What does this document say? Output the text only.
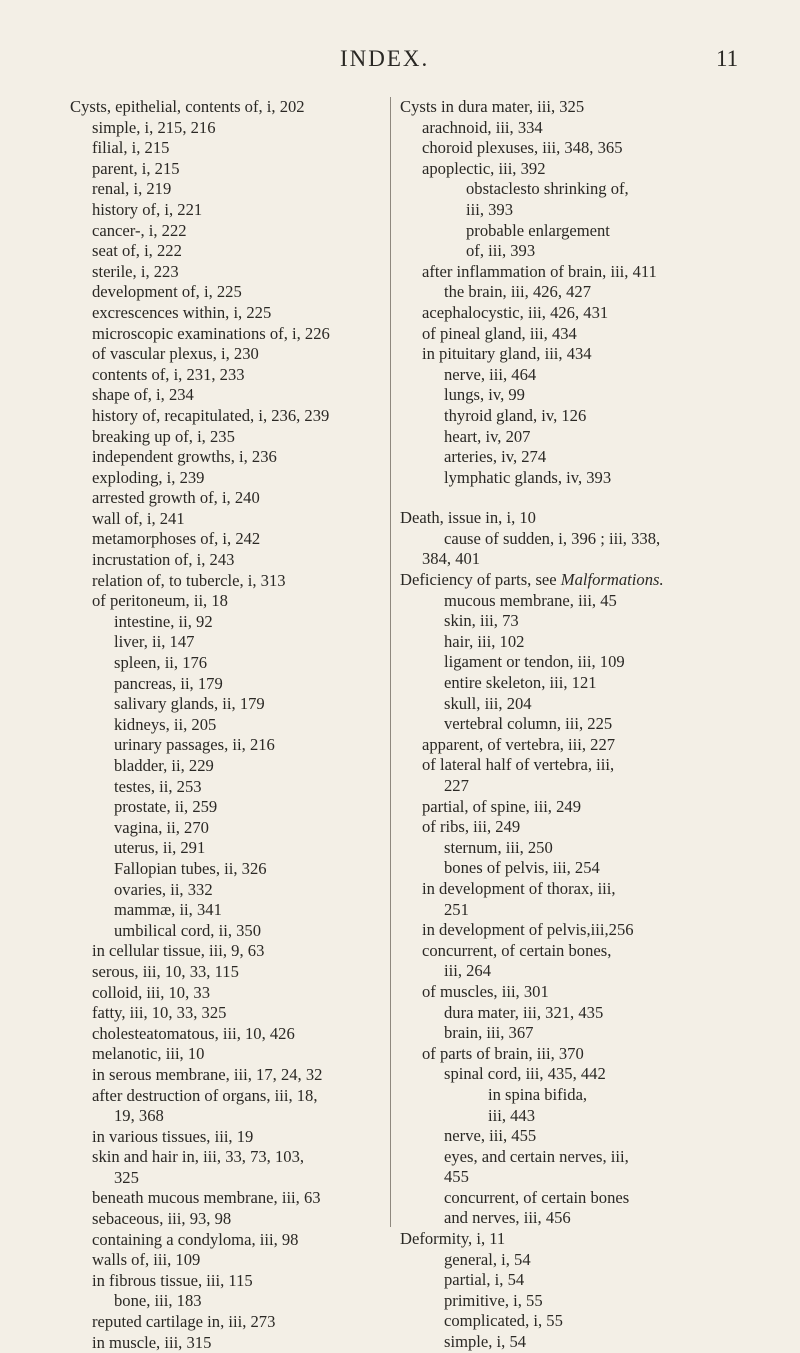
INDEX.	11
Cysts, epithelial, contents of, i, 202
simple, i, 215, 216
filial, i, 215
parent, i, 215
renal, i, 219
history of, i, 221
cancer-, i, 222
seat of, i, 222
sterile, i, 223
development of, i, 225
excrescences within, i, 225
microscopic examinations of, i, 226
of vascular plexus, i, 230
contents of, i, 231, 233
shape of, i, 234
history of, recapitulated, i, 236, 239
breaking up of, i, 235
independent growths, i, 236
exploding, i, 239
arrested growth of, i, 240
wall of, i, 241
metamorphoses of, i, 242
incrustation of, i, 243
relation of, to tubercle, i, 313
of peritoneum, ii, 18
intestine, ii, 92
liver, ii, 147
spleen, ii, 176
pancreas, ii, 179
salivary glands, ii, 179
kidneys, ii, 205
urinary passages, ii, 216
bladder, ii, 229
testes, ii, 253
prostate, ii, 259
vagina, ii, 270
uterus, ii, 291
Fallopian tubes, ii, 326
ovaries, ii, 332
mammæ, ii, 341
umbilical cord, ii, 350
in cellular tissue, iii, 9, 63
serous, iii, 10, 33, 115
colloid, iii, 10, 33
fatty, iii, 10, 33, 325
cholesteatomatous, iii, 10, 426
melanotic, iii, 10
in serous membrane, iii, 17, 24, 32
after destruction of organs, iii, 18,
19, 368
in various tissues, iii, 19
skin and hair in, iii, 33, 73, 103,
325
beneath mucous membrane, iii, 63
sebaceous, iii, 93, 98
containing a condyloma, iii, 98
walls of, iii, 109
in fibrous tissue, iii, 115
bone, iii, 183
reputed cartilage in, iii, 273
in muscle, iii, 315
Cysts in dura mater, iii, 325
arachnoid, iii, 334
choroid plexuses, iii, 348, 365
apoplectic, iii, 392
obstaclesto shrinking of,
iii, 393
probable enlargement
of, iii, 393
after inflammation of brain, iii, 411
the brain, iii, 426, 427
acephalocystic, iii, 426, 431
of pineal gland, iii, 434
in pituitary gland, iii, 434
nerve, iii, 464
lungs, iv, 99
thyroid gland, iv, 126
heart, iv, 207
arteries, iv, 274
lymphatic glands, iv, 393
Death, issue in, i, 10
cause of sudden, i, 396 ; iii, 338,
384, 401
Deficiency of parts, see Malformations.
mucous membrane, iii, 45
skin, iii, 73
hair, iii, 102
ligament or tendon, iii, 109
entire skeleton, iii, 121
skull, iii, 204
vertebral column, iii, 225
apparent, of vertebra, iii, 227
of lateral half of vertebra, iii,
227
partial, of spine, iii, 249
of ribs, iii, 249
sternum, iii, 250
bones of pelvis, iii, 254
in development of thorax, iii,
251
in development of pelvis,iii,256
concurrent, of certain bones,
iii, 264
of muscles, iii, 301
dura mater, iii, 321, 435
brain, iii, 367
of parts of brain, iii, 370
spinal cord, iii, 435, 442
in spina bifida,
iii, 443
nerve, iii, 455
eyes, and certain nerves, iii,
455
concurrent, of certain bones
and nerves, iii, 456
Deformity, i, 11
general, i, 54
partial, i, 54
primitive, i, 55
complicated, i, 55
simple, i, 54
